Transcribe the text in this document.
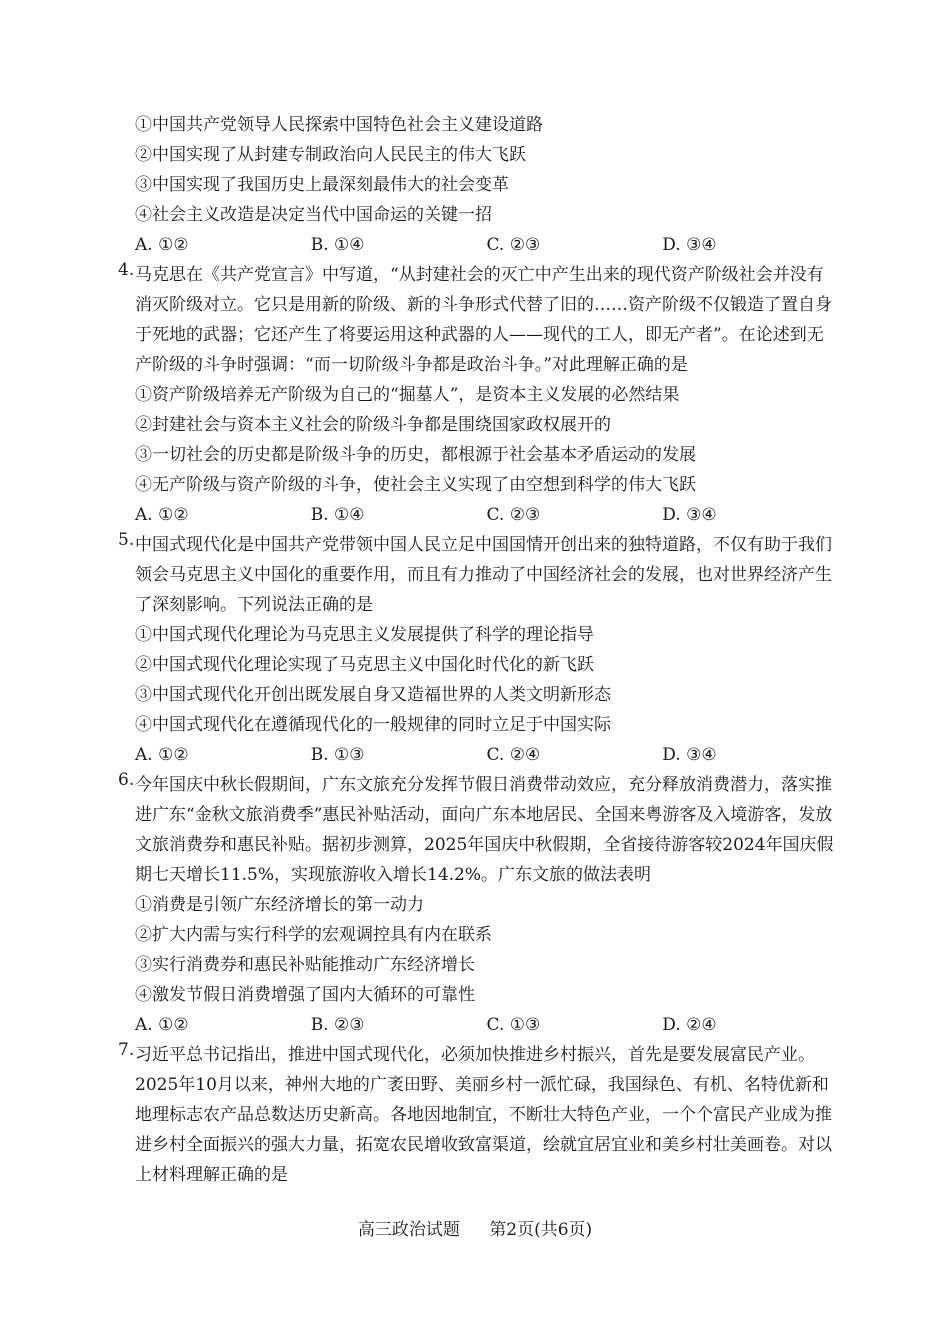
①中国共产党领导人民探索中国特色社会主义建设道路
②中国实现了从封建专制政治向人民民主的伟大飞跃
③中国实现了我国历史上最深刻最伟大的社会变革
④社会主义改造是决定当代中国命运的关键一招
A. ①②	B. ①④	C. ②③	D. ③④
4. 马克思在《共产党宣言》中写道，“从封建社会的灭亡中产生出来的现代资产阶级社会并没有消灭阶级对立。它只是用新的阶级、新的斗争形式代替了旧的……资产阶级不仅锻造了置自身于死地的武器；它还产生了将要运用这种武器的人——现代的工人，即无产者”。在论述到无产阶级的斗争时强调：“而一切阶级斗争都是政治斗争。”对此理解正确的是
①资产阶级培养无产阶级为自己的“掘墓人”，是资本主义发展的必然结果
②封建社会与资本主义社会的阶级斗争都是围绕国家政权展开的
③一切社会的历史都是阶级斗争的历史，都根源于社会基本矛盾运动的发展
④无产阶级与资产阶级的斗争，使社会主义实现了由空想到科学的伟大飞跃
A. ①②	B. ①④	C. ②③	D. ③④
5. 中国式现代化是中国共产党带领中国人民立足中国国情开创出来的独特道路，不仅有助于我们领会马克思主义中国化的重要作用，而且有力推动了中国经济社会的发展，也对世界经济产生了深刻影响。下列说法正确的是
①中国式现代化理论为马克思主义发展提供了科学的理论指导
②中国式现代化理论实现了马克思主义中国化时代化的新飞跃
③中国式现代化开创出既发展自身又造福世界的人类文明新形态
④中国式现代化在遵循现代化的一般规律的同时立足于中国实际
A. ①②	B. ①③	C. ②④	D. ③④
6. 今年国庆中秋长假期间，广东文旅充分发挥节假日消费带动效应，充分释放消费潜力，落实推进广东“金秋文旅消费季”惠民补贴活动，面向广东本地居民、全国来粤游客及入境游客，发放文旅消费券和惠民补贴。据初步测算，2025年国庆中秋假期，全省接待游客较2024年国庆假期七天增长11.5%，实现旅游收入增长14.2%。广东文旅的做法表明
①消费是引领广东经济增长的第一动力
②扩大内需与实行科学的宏观调控具有内在联系
③实行消费券和惠民补贴能推动广东经济增长
④激发节假日消费增强了国内大循环的可靠性
A. ①②	B. ②③	C. ①③	D. ②④
7. 习近平总书记指出，推进中国式现代化，必须加快推进乡村振兴，首先是要发展富民产业。2025年10月以来，神州大地的广袤田野、美丽乡村一派忙碌，我国绿色、有机、名特优新和地理标志农产品总数达历史新高。各地因地制宜，不断壮大特色产业，一个个富民产业成为推进乡村全面振兴的强大力量，拓宽农民增收致富渠道，绘就宜居宜业和美乡村壮美画卷。对以上材料理解正确的是
高三政治试题 第2页(共6页)
